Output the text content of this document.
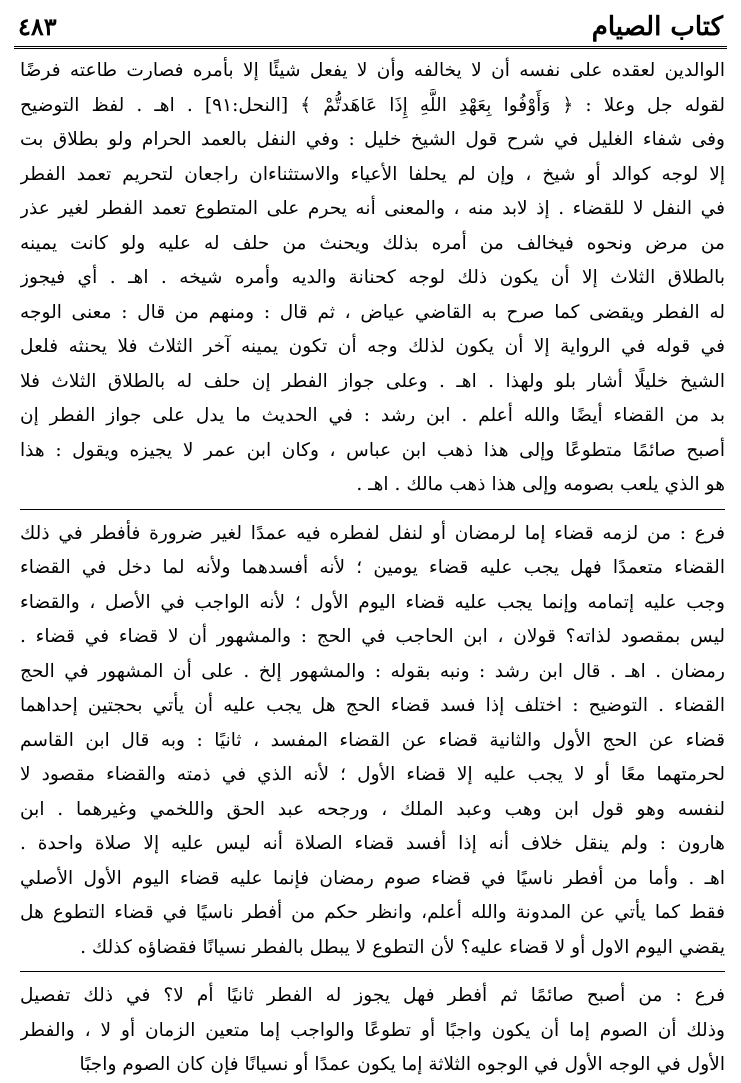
كتاب الصيام
٤٨٣
الوالدين لعقده على نفسه أن لا يخالفه وأن لا يفعل شيئًا إلا بأمره فصارت طاعته فرضًا
لقوله جل وعلا : ﴿ وَأَوْفُوا بِعَهْدِ اللَّهِ إِذَا عَاهَدتُّمْ ﴾ [النحل:٩١] . اهـ . لفظ التوضيح
وفى شفاء الغليل في شرح قول الشيخ خليل : وفي النفل بالعمد الحرام ولو بطلاق بت
إلا لوجه كوالد أو شيخ ، وإن لم يحلفا الأعياء والاستثناءان راجعان لتحريم تعمد الفطر
في النفل لا للقضاء . إذ لابد منه ، والمعنى أنه يحرم على المتطوع تعمد الفطر لغير عذر
من مرض ونحوه فيخالف من أمره بذلك ويحنث من حلف له عليه ولو كانت يمينه
بالطلاق الثلاث إلا أن يكون ذلك لوجه كحنانة والديه وأمره شيخه . اهـ . أي فيجوز
له الفطر ويقضى كما صرح به القاضي عياض ، ثم قال : ومنهم من قال : معنى الوجه
في قوله في الرواية إلا أن يكون لذلك وجه أن تكون يمينه آخر الثلاث فلا يحنثه فلعل
الشيخ خليلًا أشار بلو ولهذا . اهـ . وعلى جواز الفطر إن حلف له بالطلاق الثلاث فلا
بد من القضاء أيضًا والله أعلم . ابن رشد : في الحديث ما يدل على جواز الفطر إن
أصبح صائمًا متطوعًا وإلى هذا ذهب ابن عباس ، وكان ابن عمر لا يجيزه ويقول : هذا
هو الذي يلعب بصومه وإلى هذا ذهب مالك . اهـ .
فرع : من لزمه قضاء إما لرمضان أو لنفل لفطره فيه عمدًا لغير ضرورة فأفطر في ذلك
القضاء متعمدًا فهل يجب عليه قضاء يومين ؛ لأنه أفسدهما ولأنه لما دخل في القضاء
وجب عليه إتمامه وإنما يجب عليه قضاء اليوم الأول ؛ لأنه الواجب في الأصل ، والقضاء
ليس بمقصود لذاته؟ قولان ، ابن الحاجب في الحج : والمشهور أن لا قضاء في قضاء .
رمضان . اهـ . قال ابن رشد : ونبه بقوله : والمشهور إلخ . على أن المشهور في الحج
القضاء . التوضيح : اختلف إذا فسد قضاء الحج هل يجب عليه أن يأتي بحجتين إحداهما
قضاء عن الحج الأول والثانية قضاء عن القضاء المفسد ، ثانيًا : وبه قال ابن القاسم
لحرمتهما معًا أو لا يجب عليه إلا قضاء الأول ؛ لأنه الذي في ذمته والقضاء مقصود لا
لنفسه وهو قول ابن وهب وعبد الملك ، ورجحه عبد الحق واللخمي وغيرهما . ابن
هارون : ولم ينقل خلاف أنه إذا أفسد قضاء الصلاة أنه ليس عليه إلا صلاة واحدة .
اهـ . وأما من أفطر ناسيًا في قضاء صوم رمضان فإنما عليه قضاء اليوم الأول الأصلي
فقط كما يأتي عن المدونة والله أعلم، وانظر حكم من أفطر ناسيًا في قضاء التطوع هل
يقضي اليوم الاول أو لا قضاء عليه؟ لأن التطوع لا يبطل بالفطر نسيانًا فقضاؤه كذلك .
فرع : من أصبح صائمًا ثم أفطر فهل يجوز له الفطر ثانيًا أم لا؟ في ذلك تفصيل
وذلك أن الصوم إما أن يكون واجبًا أو تطوعًا والواجب إما متعين الزمان أو لا ، والفطر
الأول في الوجه الأول في الوجوه الثلاثة إما يكون عمدًا أو نسيانًا فإن كان الصوم واجبًا
